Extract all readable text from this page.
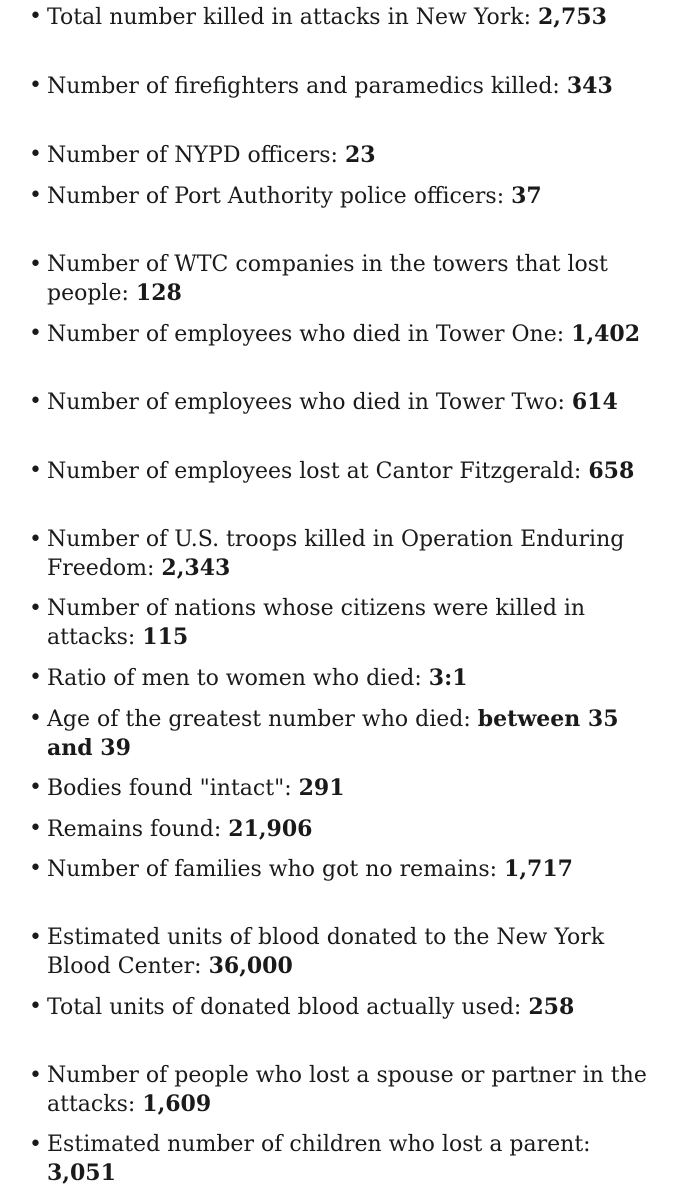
• Total number killed in attacks in New York: 2,753
• Number of firefighters and paramedics killed: 343
• Number of NYPD officers: 23
• Number of Port Authority police officers: 37
• Number of WTC companies in the towers that lost people: 128
• Number of employees who died in Tower One: 1,402
• Number of employees who died in Tower Two: 614
• Number of employees lost at Cantor Fitzgerald: 658
• Number of U.S. troops killed in Operation Enduring Freedom: 2,343
• Number of nations whose citizens were killed in attacks: 115
• Ratio of men to women who died: 3:1
• Age of the greatest number who died: between 35 and 39
• Bodies found "intact": 291
• Remains found: 21,906
• Number of families who got no remains: 1,717
• Estimated units of blood donated to the New York Blood Center: 36,000
• Total units of donated blood actually used: 258
• Number of people who lost a spouse or partner in the attacks: 1,609
• Estimated number of children who lost a parent: 3,051
